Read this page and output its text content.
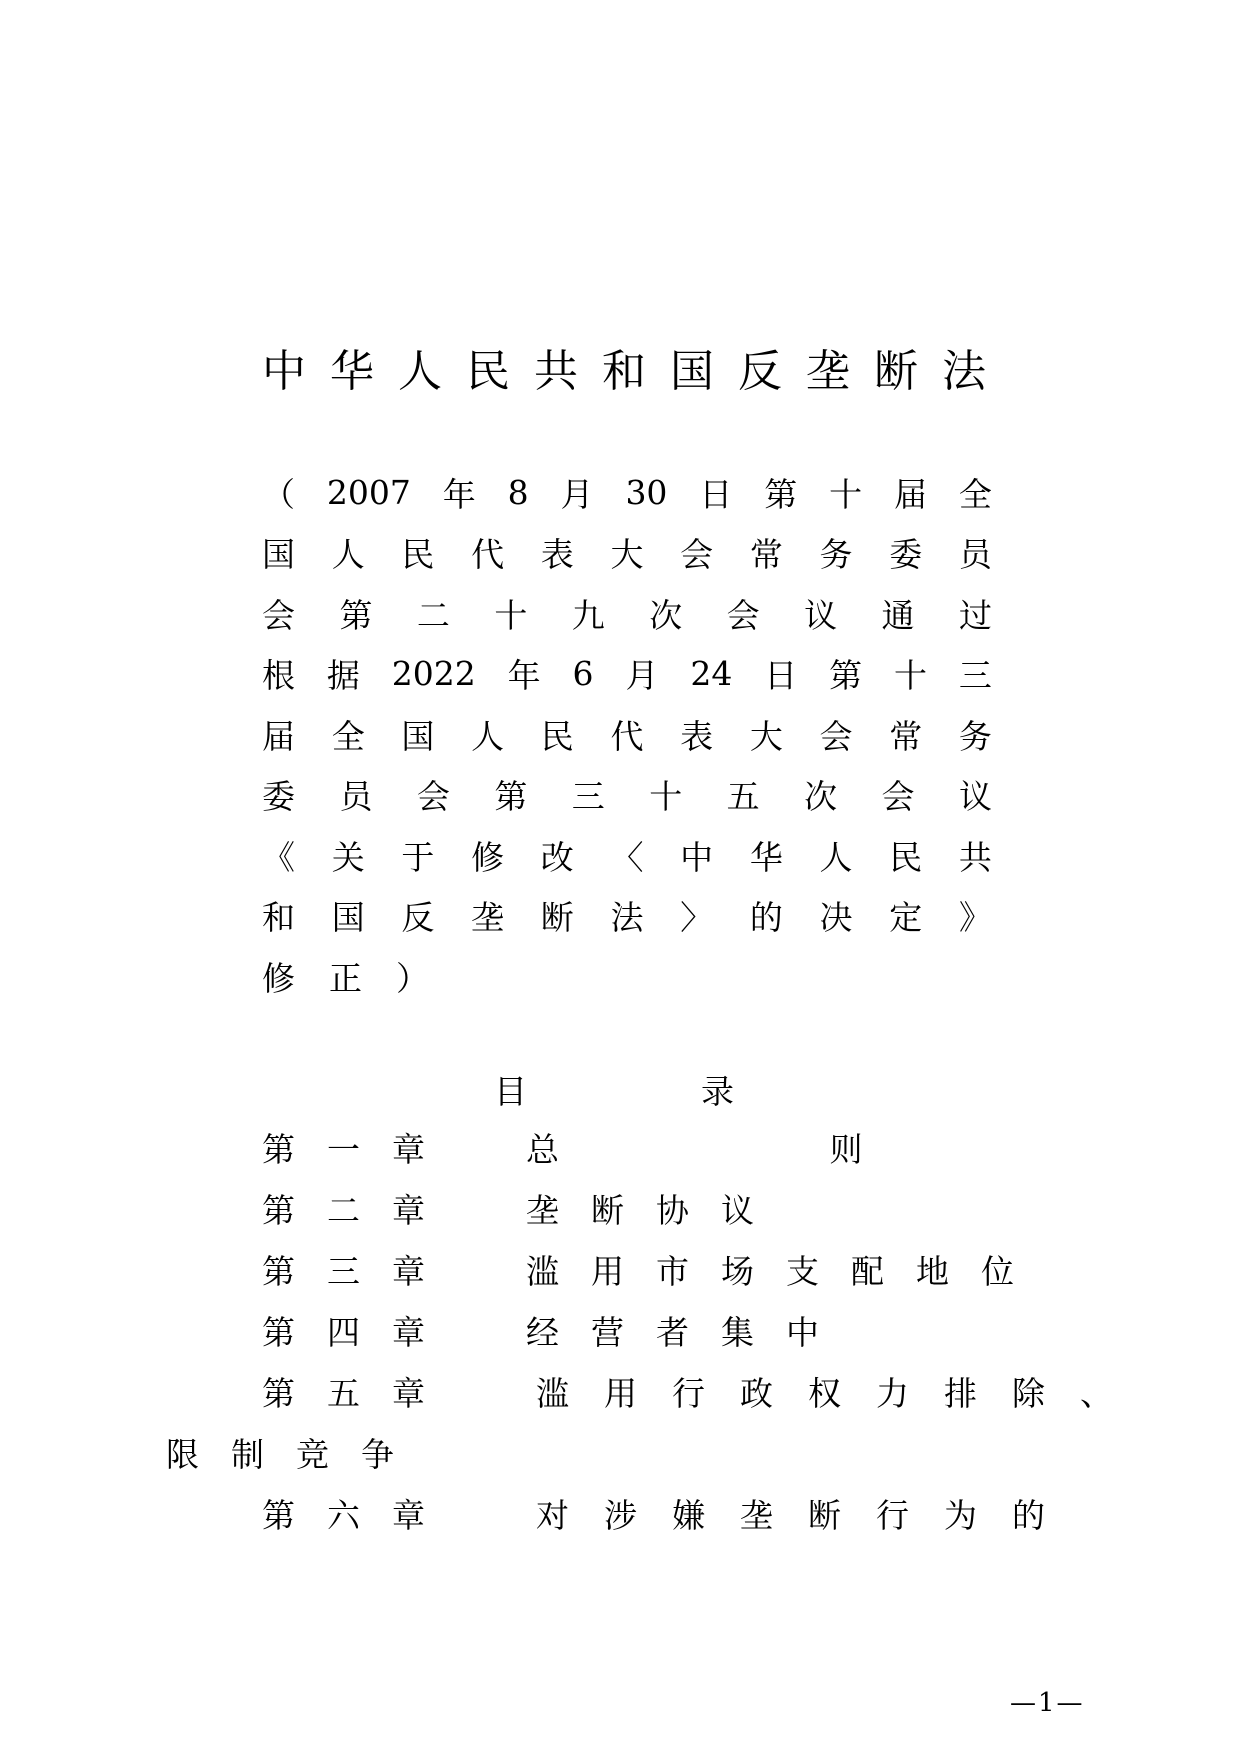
中华人民共和国反垄断法
（ 2007 年 8 月 30 日 第 十 届 全
国 人 民 代 表 大 会 常 务 委 员
会 第 二 十 九 次 会 议 通 过
根 据 2022 年 6 月 24 日 第 十 三
届 全 国 人 民 代 表 大 会 常 务
委 员 会 第 三 十 五 次 会 议
《 关 于 修 改 〈 中 华 人 民 共
和 国 反 垄 断 法 〉 的 决 定 》
修 正 ）
目	录
第一章 总 则
第二章 垄断协议
第三章 滥用市场支配地位
第四章 经营者集中
第五章 滥用行政权力排除、
限制竞争
第六章 对涉嫌垄断行为的
—1—
